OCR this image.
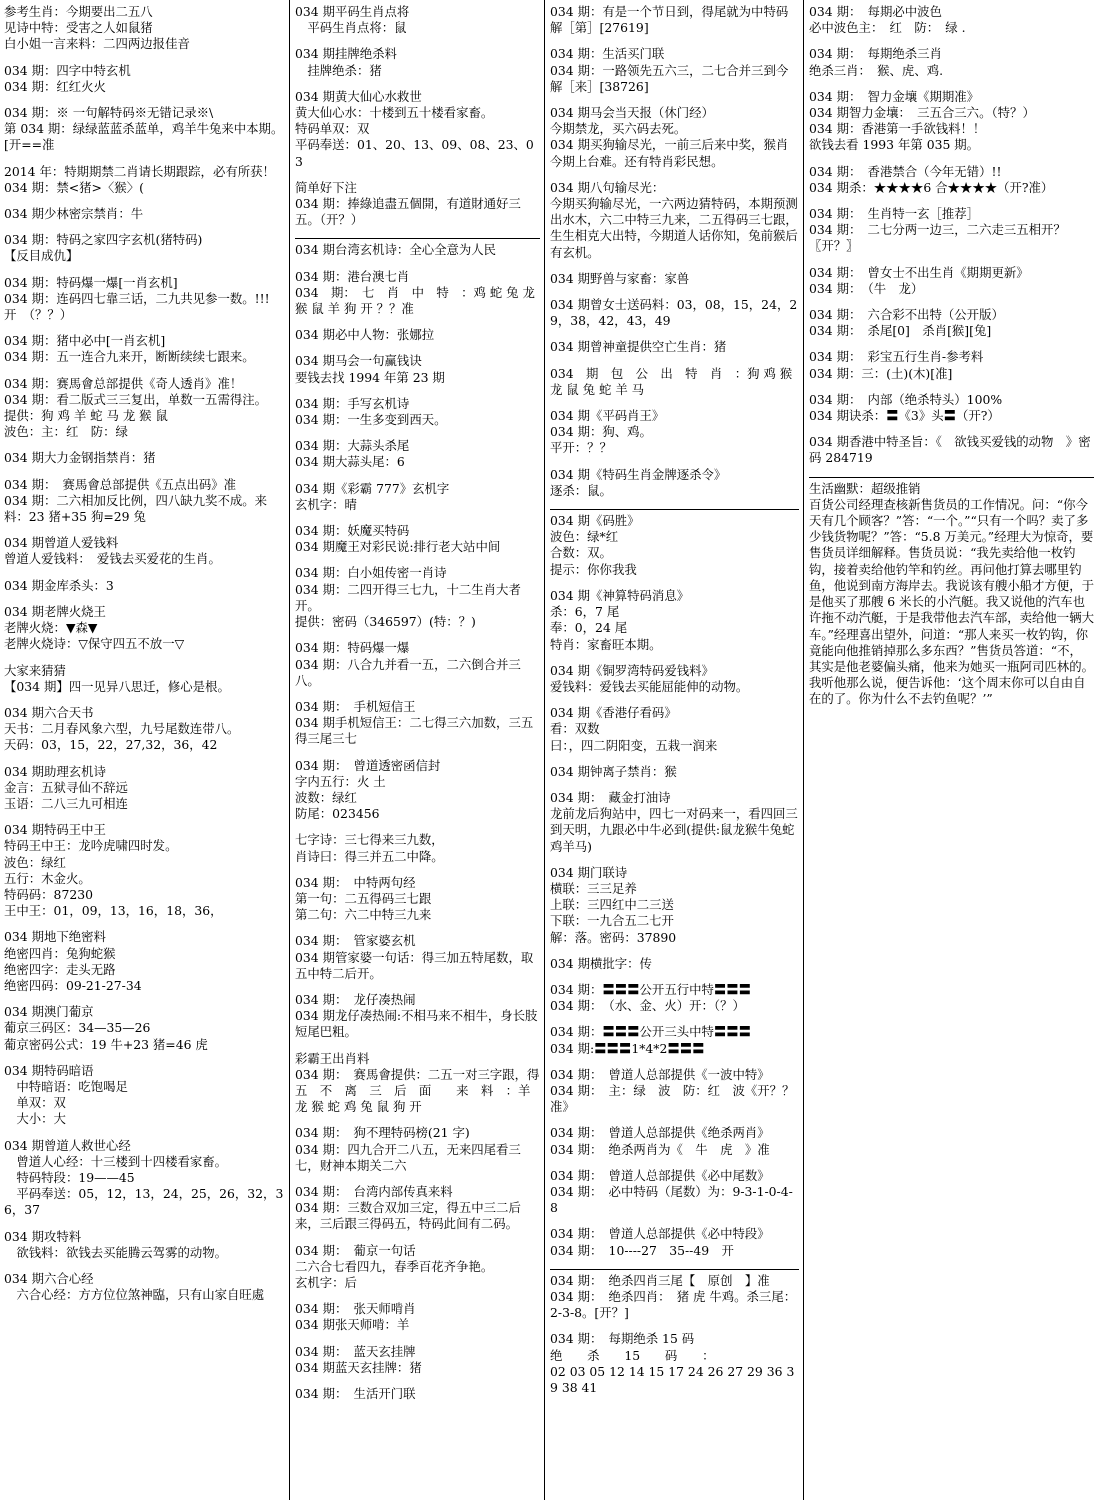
参考生肖：今期要出二五八
见诗中特：受害之人如鼠猪
白小姐一言来料：二四两边报佳音
034 期：四字中特玄机
034 期：红红火火
034 期：※ 一句解特码※无错记录※\
第 034 期：绿绿蓝蓝杀蓝单，鸡羊牛兔来中本期。[开==准
2014 年：特期期禁二肖请长期跟踪，必有所获！
034 期：禁<猪>〈猴〉(
034 期少林密宗禁肖：牛
034 期：特码之家四字玄机(猪特码)
【反目成仇】
034 期：特码爆一爆[一肖玄机]
034 期：连码四七靠三话，二九共见参一数。!!!　开　（？？）
034 期：猪中必中[一肖玄机]
034 期：五一连合九来开，断断续续七跟来。
034 期：赛馬會总部提供《奇人透肖》准！
034 期：看二版式三三复出，单数一五需得注。
提供：狗 鸡 羊 蛇 马 龙 猴 鼠
波色：主：红　防：绿
034 期大力金钢指禁肖：猪
034 期：　赛馬會总部提供《五点出码》准
034 期：二六相加反比例，四八缺九奖不成。来料：23 猪+35 狗=29 兔
034 期曾道人爱钱料
曾道人爱钱料：　爱钱去买爱花的生肖。
034 期金库杀头：3
034 期老牌火烧王
老牌火烧：▼森▼
老牌火烧诗：▽保守四五不放一▽
大家来猜猜
【034 期】四一见异八思迁，修心是根。
034 期六合天书
天书：二月春风象六型，九号尾数连带八。
天码：03，15，22，27,32，36，42
034 期助理玄机诗
金言：五狱寻仙不辞远
玉语：二八三九可相连
034 期特码王中王
特码王中王：龙吟虎啸四时发。
波色：绿红
五行：木金火。
特码码：87230
王中王：01，09，13，16，18，36，
034 期地下绝密料
绝密四肖：兔狗蛇猴
绝密四字：走头无路
绝密四码：09-21-27-34
034 期澳门葡京
葡京三码区：34—35—26
葡京密码公式：19 牛+23 猪=46 虎
034 期特码暗语
　中特暗语：吃饱喝足
　单双：双
　大小：大
034 期曾道人救世心经
　曾道人心经：十三楼到十四楼看家畜。
　特码特段：19——45
　平码奉送：05，12，13，24，25，26，32，36，37
034 期攻特料
　欲钱料：欲钱去买能腾云驾雾的动物。
034 期六合心经
　六合心经：方方位位煞神臨，只有山家自旺處
034 期平码生肖点将
　平码生肖点将：鼠
034 期挂牌绝杀料
　挂牌绝杀：猪
034 期黄大仙心水救世
黄大仙心水：十楼到五十楼看家畜。
特码单双：双
平码奉送：01、20、13、09、08、23、03
简单好下注
034 期：捧綠追盡五個開，有道財通好三五。（开？）
034 期台湾玄机诗：全心全意为人民
034 期：港台澳七肖
034　期：　七　肖　中　特　：鸡 蛇 兔 龙 猴 鼠 羊 狗 开 ？？准
034 期必中人物：张娜拉
034 期马会一句赢钱诀
要钱去找 1994 年第 23 期
034 期：手写玄机诗
034 期：一生多变到西天。
034 期：大蒜头杀尾
034 期大蒜头尾：6
034 期《彩霸 777》玄机字
玄机字：晴
034 期：妖魔买特码
034 期魔王对彩民说:排行老大站中间
034 期：白小姐传密一肖诗
034 期：二四开得三七九，十二生肖大者开。
提供：密码（346597）(特：？)
034 期：特码爆一爆
034 期：八合九并看一五，二六倒合并三八。
034 期：　手机短信王
034 期手机短信王：二七得三六加数，三五得三尾三七
034 期：　曾道透密函信封
字内五行：火 土
波数：绿红
防尾：023456
七字诗：三七得来三九数，
肖诗曰：得三并五二中降。
034 期：　中特两句经
第一句：二五得码三七跟
第二句：六二中特三九来
034 期：　管家婆玄机
034 期管家婆一句话：得三加五特尾数，取五中特二后开。
034 期：　龙仔凑热闹
034 期龙仔凑热闹:不相马来不相牛，身长肢短尾巴粗。
彩霸王出肖料
034 期：　赛馬會提供：二五一对三字跟，得五　不　离　三　后　面　　来　料　：羊 龙 猴 蛇 鸡 兔 鼠 狗 开
034 期：　狗不理特码榜(21 字)
034 期：四九合开二八五，无来四尾看三七，财神本期关二六
034 期：　台湾内部传真来料
034 期：三数合双加三定，得五中三二后来，三后跟三得码五，特码此间有二码。
034 期：　葡京一句话
二六合七看四九，春季百花齐争艳。
玄机字：后
034 期：　张天师啃肖
034 期张天师啃：羊
034 期：　蓝天玄挂牌
034 期蓝天玄挂牌：猪
034 期：　生活开门联
034 期：有是一个节日到，得尾就为中特码解［第］[27619]
034 期：生活买门联
034 期：一路领先五六三，二七合并三到今解［来］[38726]
034 期马会当天报（休门经）
今期禁龙，买六码去死。
034 期买狗输尽光，一前三后来中奖，猴肖今期上台难。还有特肖彩民想。
034 期八句输尽光：
今期买狗输尽光，一六两边猜特码，本期预测出水木，六二中特三九来，二五得码三七跟，生生相克大出特，今期道人话你知，兔前猴后有玄机。
034 期野兽与家畜：家兽
034 期曾女士送码料：03，08，15，24，29，38，42，43，49
034 期曾神童提供空亡生肖：猪
034　期　包　公　出　特　肖　：狗 鸡 猴 龙 鼠 兔 蛇 羊 马
034 期《平码肖王》
034 期：狗、鸡。
平开：？？
034 期《特码生肖金牌逐杀令》
逐杀：鼠。
034 期《码胜》
波色：绿*红
合数：双。
提示：你你我我
034 期《神算特码消息》
杀：6，7 尾
奉：0，24 尾
特肖：家畜旺本期。
034 期《铜罗湾特码爱钱料》
爱钱料：爱钱去买能屈能伸的动物。
034 期《香港仔看码》
看：双数
曰：，四二阴阳变，五栽一润来
034 期钟离子禁肖：猴
034 期：　藏金打油诗
龙前龙后狗站中，四七一对码来一，看四回三到天明，九跟必中牛必到(提供:鼠龙猴牛兔蛇鸡羊马)
034 期门联诗
横联：三三足养
上联：三四红中二三送
下联：一九合五二七开
解：落。密码：37890
034 期横批字：传
034 期：〓〓〓公开五行中特〓〓〓
034 期：　（水、金、火）开：（？）
034 期：〓〓〓公开三头中特〓〓〓
034 期:〓〓〓1*4*2〓〓〓
034 期：　曾道人总部提供《一波中特》
034 期：　主：绿　波　防：红　波《开？？准》
034 期：　曾道人总部提供《绝杀两肖》
034 期：　绝杀两肖为《　牛　虎　》准
034 期：　曾道人总部提供《必中尾数》
034 期：　必中特码（尾数）为：9-3-1-0-4-8
034 期：　曾道人总部提供《必中特段》
034 期：　10----27　35--49　开
034 期：　绝杀四肖三尾【　原创　】准
034 期：　绝杀四肖：　猪 虎 牛鸡。杀三尾：2-3-8。[开？]
034 期：　每期绝杀 15 码
绝　　杀　　15　　码　　：
02 03 05 12 14 15 17 24 26 27 29 36 39 38 41
034 期：　每期必中波色
必中波色主：　红　防：　绿 .
034 期：　每期绝杀三肖
绝杀三肖：　猴、虎、鸡.
034 期：　智力金壤《期期准》
034 期智力金壤：　三五合三六。（特？）
034 期：香港第一手欲钱料！！
欲钱去看 1993 年第 035 期。
034 期：　香港禁合（今年无错）!!
034 期杀：★★★★6 合★★★★（开?准）
034 期：　生肖特一玄［推荐］
034 期：　二七分两一边三，二六走三五相开？〖开？〗
034 期：　曾女士不出生肖《期期更新》
034 期：　（牛　龙）
034 期：　六合彩不出特（公开版）
034 期：　杀尾[0]　杀肖[猴][兔]
034 期：　彩宝五行生肖-参考料
034 期：三：(土)(木)[准]
034 期：　内部（绝杀特头）100%
034 期诀杀：〓《3》头〓（开?）
034 期香港中特圣旨：《　欲钱买爱钱的动物　》密码 284719
生活幽默：超级推销
百货公司经理查核新售货员的工作情况。问：“你今天有几个顾客？”答：“一个。”“只有一个吗？卖了多少钱货物呢？”答：“5.8 万美元。”经理大为惊奇，要售货员详细解释。售货员说：“我先卖给他一枚钓钩，接着卖给他钓竿和钓丝。再问他打算去哪里钓鱼，他说到南方海岸去。我说该有艘小船才方便，于是他买了那艘 6 米长的小汽艇。我又说他的汽车也许拖不动汽艇，于是我带他去汽车部，卖给他一辆大车。”经理喜出望外，问道：“那人来买一枚钓钩，你竟能向他推销掉那么多东西？”售货员答道：“不，其实是他老婆偏头痛，他来为她买一瓶阿司匹林的。我听他那么说，便告诉他：‘这个周末你可以自由自在的了。你为什么不去钓鱼呢？’”
